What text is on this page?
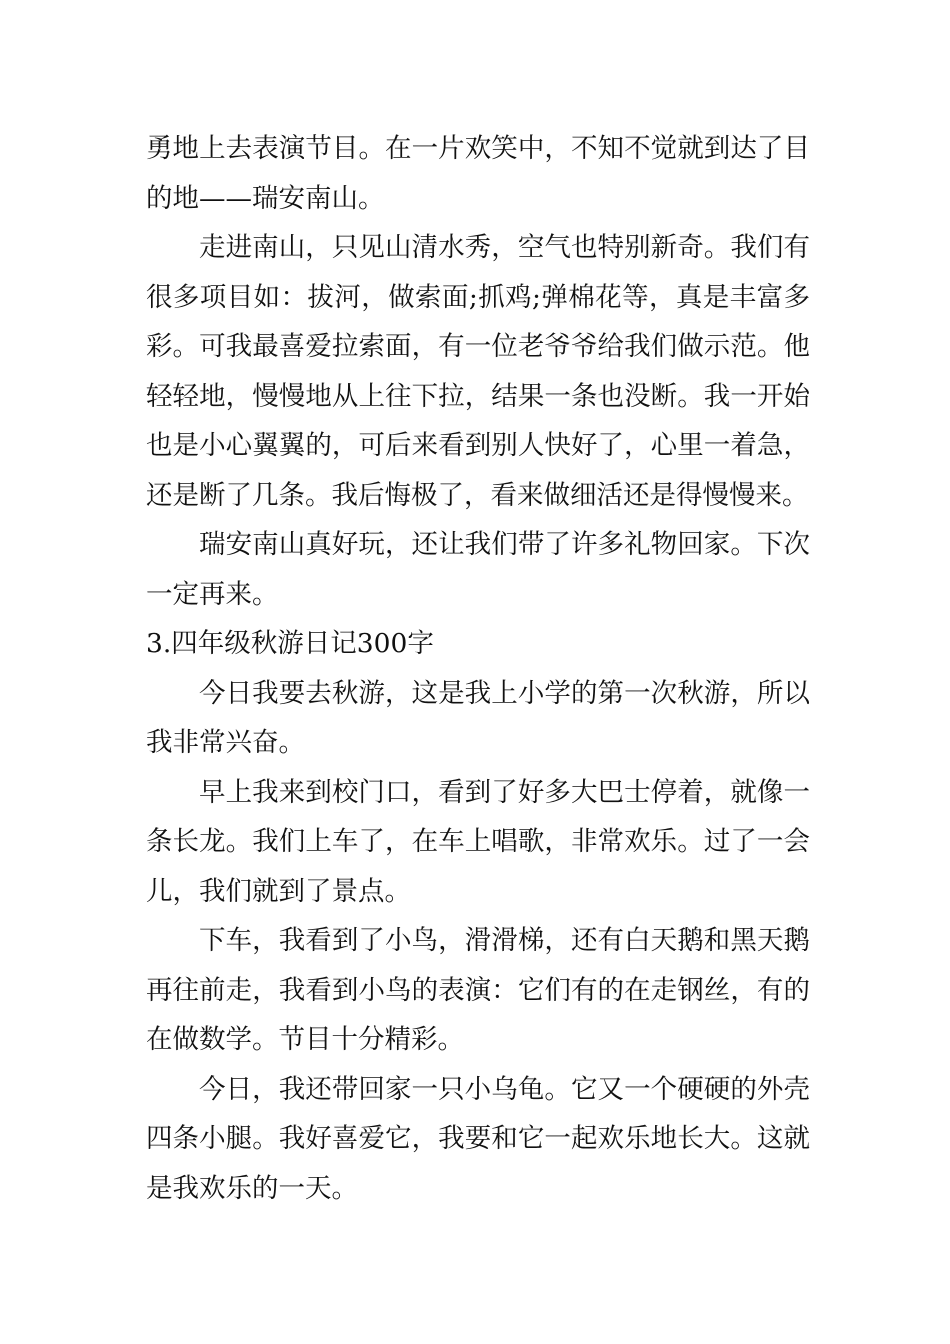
勇地上去表演节目。在一片欢笑中，不知不觉就到达了目的地——瑞安南山。

走进南山，只见山清水秀，空气也特别新奇。我们有很多项目如：拔河，做索面;抓鸡;弹棉花等，真是丰富多彩。可我最喜爱拉索面，有一位老爷爷给我们做示范。他轻轻地，慢慢地从上往下拉，结果一条也没断。我一开始也是小心翼翼的，可后来看到别人快好了，心里一着急，还是断了几条。我后悔极了，看来做细活还是得慢慢来。

瑞安南山真好玩，还让我们带了许多礼物回家。下次一定再来。

3.四年级秋游日记300字

今日我要去秋游，这是我上小学的第一次秋游，所以我非常兴奋。

早上我来到校门口，看到了好多大巴士停着，就像一条长龙。我们上车了，在车上唱歌，非常欢乐。过了一会儿，我们就到了景点。

下车，我看到了小鸟，滑滑梯，还有白天鹅和黑天鹅再往前走，我看到小鸟的表演：它们有的在走钢丝，有的在做数学。节目十分精彩。

今日，我还带回家一只小乌龟。它又一个硬硬的外壳四条小腿。我好喜爱它，我要和它一起欢乐地长大。这就是我欢乐的一天。
